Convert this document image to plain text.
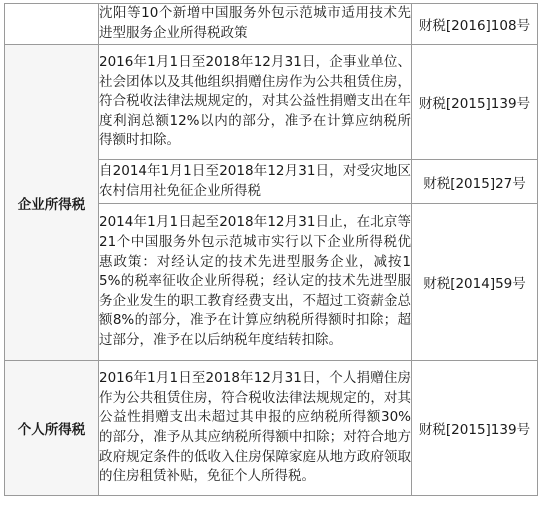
	沈阳等10个新增中国服务外包示范城市适用技术先进型服务企业所得税政策	财税[2016]108号
企业所得税	2016年1月1日至2018年12月31日，企事业单位、社会团体以及其他组织捐赠住房作为公共租赁住房，符合税收法律法规规定的，对其公益性捐赠支出在年度利润总额12%以内的部分，准予在计算应纳税所得额时扣除。	财税[2015]139号
	自2014年1月1日至2018年12月31日，对受灾地区农村信用社免征企业所得税	财税[2015]27号
	2014年1月1日起至2018年12月31日止，在北京等21个中国服务外包示范城市实行以下企业所得税优惠政策：对经认定的技术先进型服务企业，减按15%的税率征收企业所得税；经认定的技术先进型服务企业发生的职工教育经费支出，不超过工资薪金总额8%的部分，准予在计算应纳税所得额时扣除；超过部分，准予在以后纳税年度结转扣除。	财税[2014]59号
个人所得税	2016年1月1日至2018年12月31日，个人捐赠住房作为公共租赁住房，符合税收法律法规规定的，对其公益性捐赠支出未超过其申报的应纳税所得额30%的部分，准予从其应纳税所得额中扣除；对符合地方政府规定条件的低收入住房保障家庭从地方政府领取的住房租赁补贴，免征个人所得税。	财税[2015]139号
